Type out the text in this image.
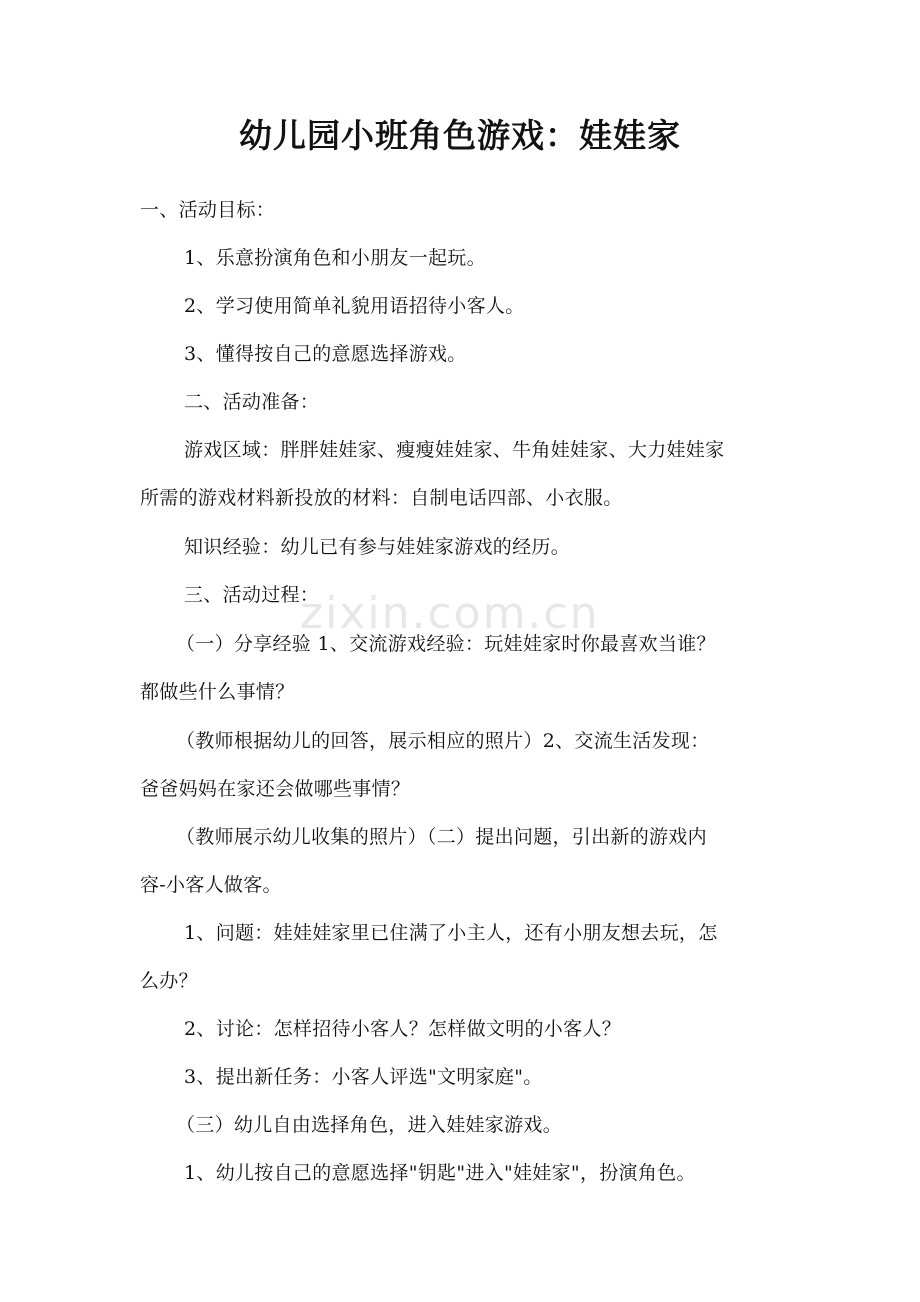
zixin.com.cn
幼儿园小班角色游戏：娃娃家

一、活动目标：

1、乐意扮演角色和小朋友一起玩。

2、学习使用简单礼貌用语招待小客人。

3、懂得按自己的意愿选择游戏。

二、活动准备：

游戏区域：胖胖娃娃家、瘦瘦娃娃家、牛角娃娃家、大力娃娃家

所需的游戏材料新投放的材料：自制电话四部、小衣服。

知识经验：幼儿已有参与娃娃家游戏的经历。

三、活动过程：

（一）分享经验 1、交流游戏经验：玩娃娃家时你最喜欢当谁？

都做些什么事情？

（教师根据幼儿的回答，展示相应的照片）2、交流生活发现：

爸爸妈妈在家还会做哪些事情？

（教师展示幼儿收集的照片）（二）提出问题，引出新的游戏内

容-小客人做客。

1、问题：娃娃娃家里已住满了小主人，还有小朋友想去玩，怎

么办？

2、讨论：怎样招待小客人？怎样做文明的小客人？

3、提出新任务：小客人评选"文明家庭"。

（三）幼儿自由选择角色，进入娃娃家游戏。

1、幼儿按自己的意愿选择"钥匙"进入"娃娃家"，扮演角色。
